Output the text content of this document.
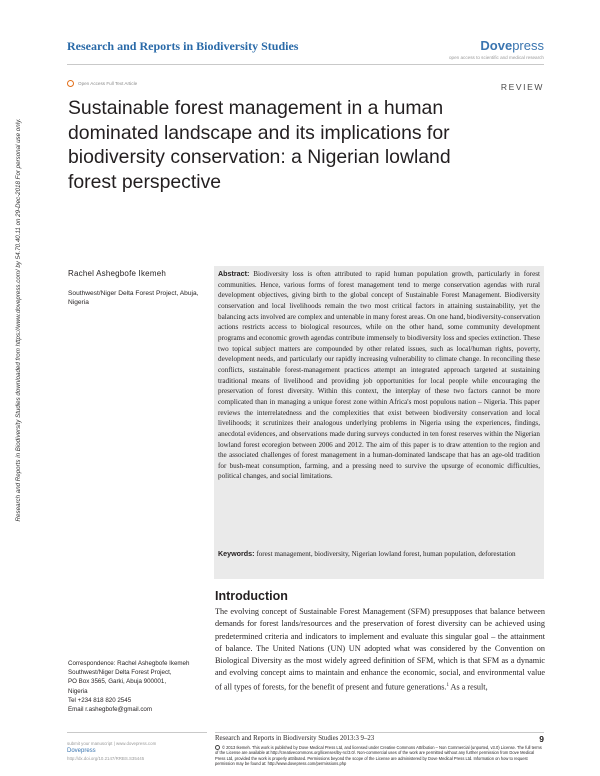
Research and Reports in Biodiversity Studies	Dovepress
open access to scientific and medical research
Open Access Full Text Article	REVIEW
Research and Reports in Biodiversity Studies downloaded from https://www.dovepress.com/ by 54.70.40.11 on 29-Dec-2018 For personal use only.
Sustainable forest management in a human dominated landscape and its implications for biodiversity conservation: a Nigerian lowland forest perspective
Rachel Ashegbofe Ikemeh
Southwest/Niger Delta Forest Project, Abuja, Nigeria
Abstract: Biodiversity loss is often attributed to rapid human population growth, particularly in forest communities. Hence, various forms of forest management tend to merge conservation agendas with rural development objectives, giving birth to the global concept of Sustainable Forest Management. Biodiversity conservation and local livelihoods remain the two most critical factors in attaining sustainability, yet the balancing acts involved are complex and untenable in many forest areas. On one hand, biodiversity-conservation actions restricts access to biological resources, while on the other hand, some community development programs and economic growth agendas contribute immensely to biodiversity loss and species extinction. These two topical subject matters are compounded by other related issues, such as local/human rights, poverty, development needs, and particularly our rapidly increasing vulnerability to climate change. In reconciling these conflicts, sustainable forest-management practices attempt an integrated approach targeted at sustaining traditional means of livelihood and providing job opportunities for local people while encouraging the preservation of forest diversity. Within this context, the interplay of these two factors cannot be more complicated than in managing a unique forest zone within Africa's most populous nation – Nigeria. This paper reviews the interrelatedness and the complexities that exist between biodiversity conservation and local livelihoods; it scrutinizes their analogous underlying problems in Nigeria using the experiences, findings, anecdotal evidences, and observations made during surveys conducted in ten forest reserves within the Nigerian lowland forest ecoregion between 2006 and 2012. The aim of this paper is to draw attention to the region and the associated challenges of forest management in a human-dominated landscape that has an age-old tradition for bush-meat consumption, farming, and a pressing need to survive the upsurge of economic difficulties, political changes, and social limitations.
Keywords: forest management, biodiversity, Nigerian lowland forest, human population, deforestation
Introduction
The evolving concept of Sustainable Forest Management (SFM) presupposes that balance between demands for forest lands/resources and the preservation of forest diversity can be achieved using predetermined criteria and indicators to implement and evaluate this singular goal – the attainment of balance. The United Nations (UN) UN adopted what was considered by the Convention on Biological Diversity as the most widely agreed definition of SFM, which is that SFM as a dynamic and evolving concept aims to maintain and enhance the economic, social, and environmental value of all types of forests, for the benefit of present and future generations.$^1$ As a result,
Correspondence: Rachel Ashegbofe Ikemeh
Southwest/Niger Delta Forest Project,
PO Box 3565, Garki, Abuja 900001,
Nigeria
Tel +234 818 820 2545
Email r.ashegbofe@gmail.com
submit your manuscript | www.dovepress.com
Dovepress
http://dx.doi.org/10.2147/RRBS.S35445
Research and Reports in Biodiversity Studies 2013:3 9–23	9
© 2013 Ikemeh. This work is published by Dove Medical Press Ltd, and licensed under Creative Commons Attribution – Non Commercial (unported, v3.0) License. The full terms of the License are available at http://creativecommons.org/licenses/by-nc/3.0/. Non-commercial uses of the work are permitted without any further permission from Dove Medical Press Ltd, provided the work is properly attributed. Permissions beyond the scope of the License are administered by Dove Medical Press Ltd. Information on how to request permission may be found at: http://www.dovepress.com/permissions.php
